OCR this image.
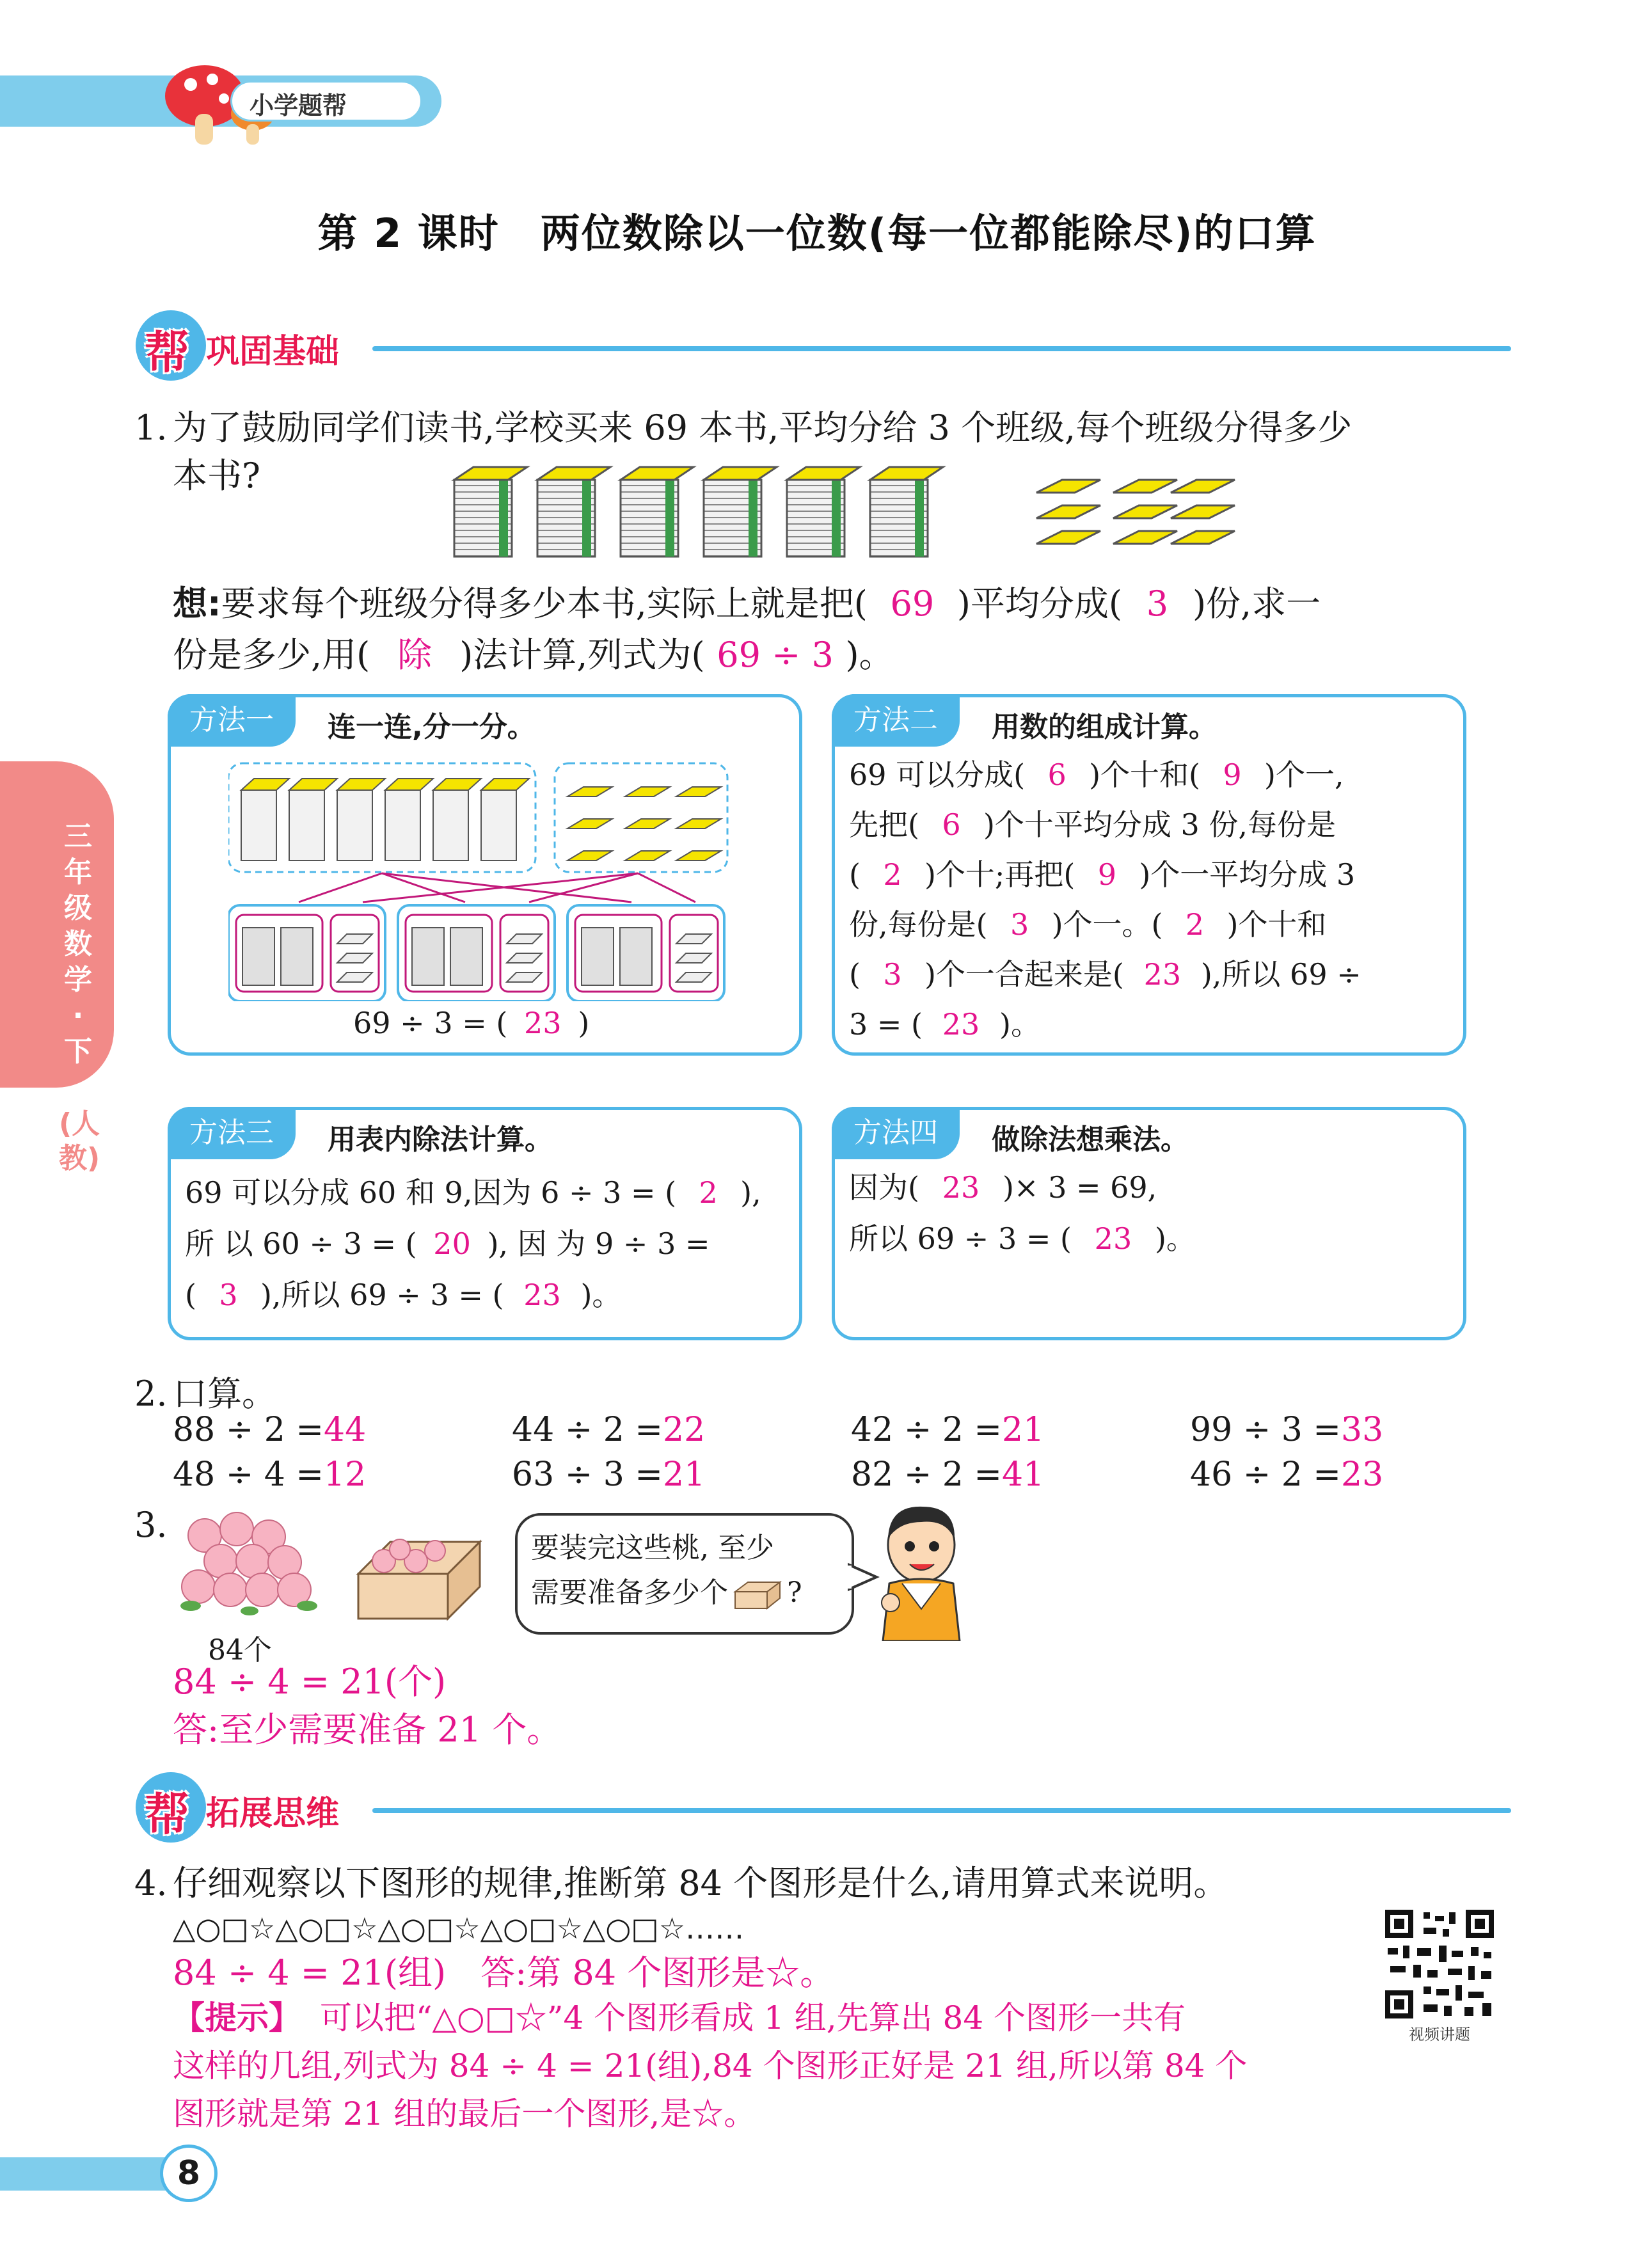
小学题帮
第 2 课时　两位数除以一位数(每一位都能除尽)的口算
帮 巩固基础
三年级数学·下
(人教)
1. 为了鼓励同学们读书,学校买来 69 本书,平均分给 3 个班级,每个班级分得多少
本书?
想:要求每个班级分得多少本书,实际上就是把( 69 )平均分成( 3 )份,求一
份是多少,用( 除 )法计算,列式为( 69 ÷ 3 )。
方法一	连一连,分一分。
69 ÷ 3 = ( 23 )
方法二	用数的组成计算。
69 可以分成( 6 )个十和( 9 )个一,
先把( 6 )个十平均分成 3 份,每份是
( 2 )个十;再把( 9 )个一平均分成 3
份,每份是( 3 )个一。( 2 )个十和
( 3 )个一合起来是( 23 ),所以 69 ÷
3 = ( 23 )。
方法三	用表内除法计算。
69 可以分成 60 和 9,因为 6 ÷ 3 = ( 2 ),
所 以 60 ÷ 3 = ( 20 ), 因 为 9 ÷ 3 =
( 3 ),所以 69 ÷ 3 = ( 23 )。
方法四	做除法想乘法。
因为( 23 )× 3 = 69,
所以 69 ÷ 3 = ( 23 )。
2. 口算。
88 ÷ 2 =44	44 ÷ 2 =22	42 ÷ 2 =21	99 ÷ 3 =33
48 ÷ 4 =12	63 ÷ 3 =21	82 ÷ 2 =41	46 ÷ 2 =23
3.
84个
要装完这些桃, 至少
需要准备多少个 ?
84 ÷ 4 = 21(个)
答:至少需要准备 21 个。
帮 拓展思维
4. 仔细观察以下图形的规律,推断第 84 个图形是什么,请用算式来说明。
△○□☆△○□☆△○□☆△○□☆△○□☆……
84 ÷ 4 = 21(组)　答:第 84 个图形是☆。
【提示】 可以把“△○□☆”4 个图形看成 1 组,先算出 84 个图形一共有
这样的几组,列式为 84 ÷ 4 = 21(组),84 个图形正好是 21 组,所以第 84 个
图形就是第 21 组的最后一个图形,是☆。
视频讲题
8
